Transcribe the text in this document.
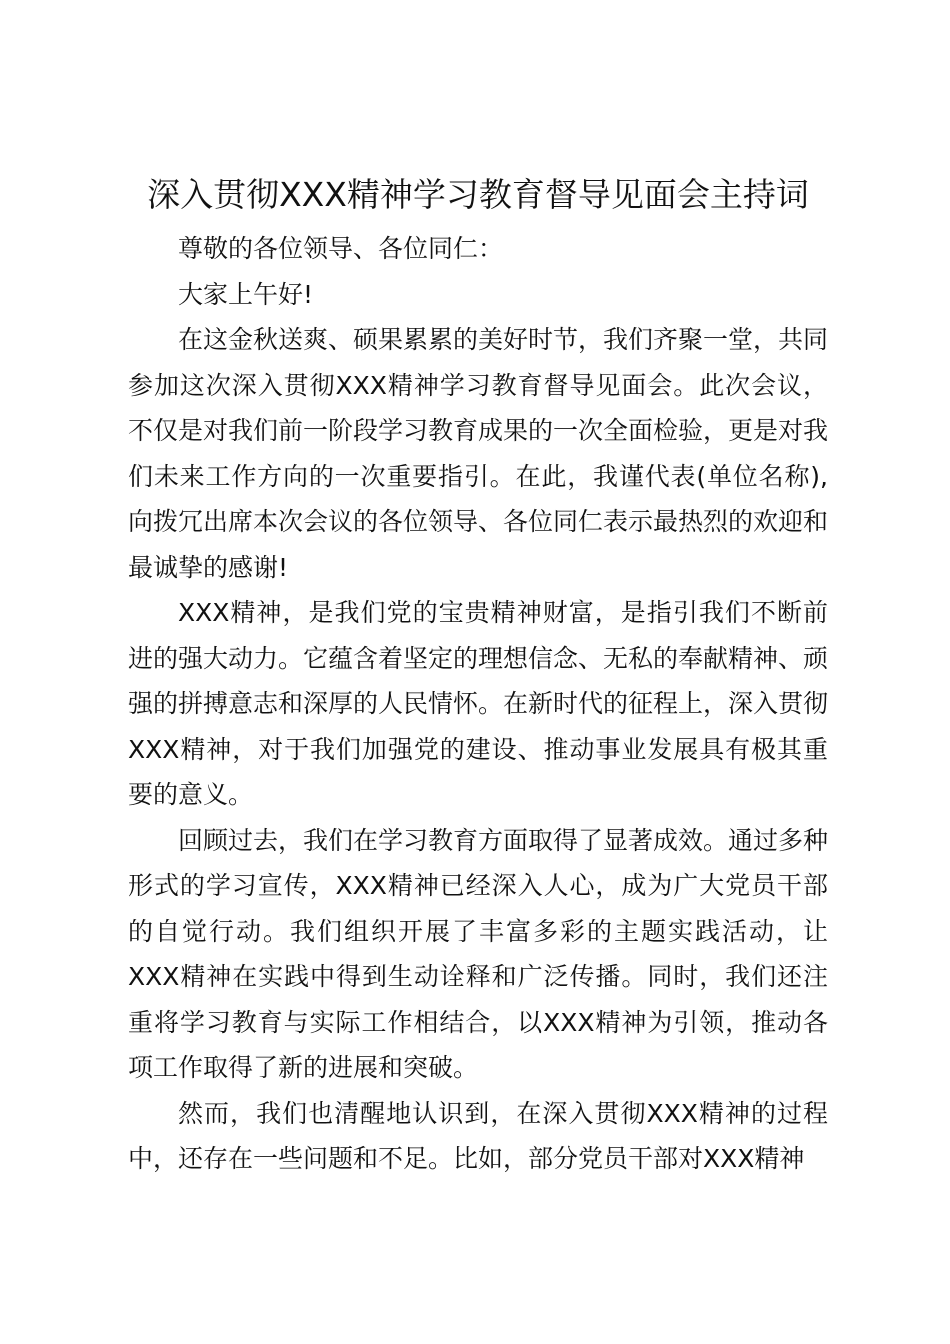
深入贯彻XXX精神学习教育督导见面会主持词

尊敬的各位领导、各位同仁：

大家上午好!

在这金秋送爽、硕果累累的美好时节，我们齐聚一堂，共同参加这次深入贯彻XXX精神学习教育督导见面会。此次会议，不仅是对我们前一阶段学习教育成果的一次全面检验，更是对我们未来工作方向的一次重要指引。在此，我谨代表(单位名称),向拨冗出席本次会议的各位领导、各位同仁表示最热烈的欢迎和最诚挚的感谢!

XXX精神，是我们党的宝贵精神财富，是指引我们不断前进的强大动力。它蕴含着坚定的理想信念、无私的奉献精神、顽强的拼搏意志和深厚的人民情怀。在新时代的征程上，深入贯彻XXX精神，对于我们加强党的建设、推动事业发展具有极其重要的意义。

回顾过去，我们在学习教育方面取得了显著成效。通过多种形式的学习宣传，XXX精神已经深入人心，成为广大党员干部的自觉行动。我们组织开展了丰富多彩的主题实践活动，让XXX精神在实践中得到生动诠释和广泛传播。同时，我们还注重将学习教育与实际工作相结合，以XXX精神为引领，推动各项工作取得了新的进展和突破。

然而，我们也清醒地认识到，在深入贯彻XXX精神的过程中，还存在一些问题和不足。比如，部分党员干部对XXX精神
